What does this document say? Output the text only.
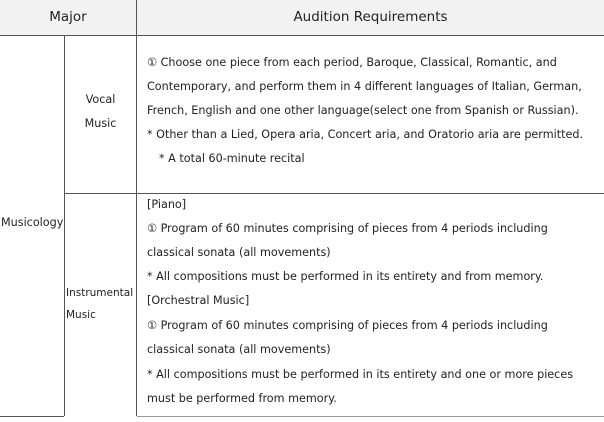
Major	Audition Requirements
Musicology
Vocal
Music
① Choose one piece from each period, Baroque, Classical, Romantic, and
Contemporary, and perform them in 4 different languages of Italian, German,
French, English and one other language(select one from Spanish or Russian).
* Other than a Lied, Opera aria, Concert aria, and Oratorio aria are permitted.
* A total 60-minute recital
Instrumental
Music
[Piano]
① Program of 60 minutes comprising of pieces from 4 periods including
classical sonata (all movements)
* All compositions must be performed in its entirety and from memory.
[Orchestral Music]
① Program of 60 minutes comprising of pieces from 4 periods including
classical sonata (all movements)
* All compositions must be performed in its entirety and one or more pieces
must be performed from memory.
